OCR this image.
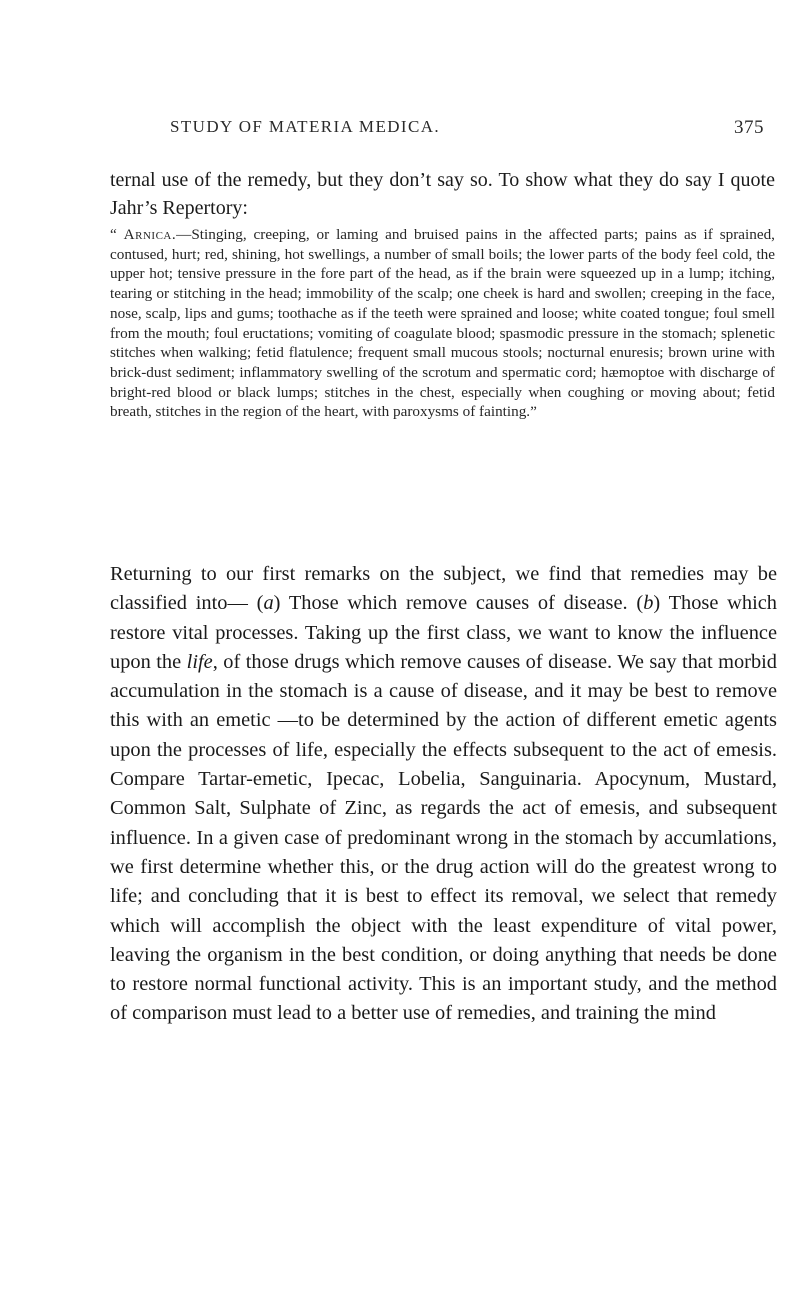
STUDY OF MATERIA MEDICA.	375

ternal use of the remedy, but they don’t say so. To show what they do say I quote Jahr’s Repertory:

“ Arnica.—Stinging, creeping, or laming and bruised pains in the affected parts; pains as if sprained, contused, hurt; red, shining, hot swellings, a number of small boils; the lower parts of the body feel cold, the upper hot; tensive pressure in the fore part of the head, as if the brain were squeezed up in a lump; itching, tearing or stitching in the head; immobility of the scalp; one cheek is hard and swollen; creeping in the face, nose, scalp, lips and gums; toothache as if the teeth were sprained and loose; white coated tongue; foul smell from the mouth; foul eructations; vomiting of coagulate blood; spasmodic pressure in the stomach; splenetic stitches when walking; fetid flatulence; frequent small mucous stools; nocturnal enuresis; brown urine with brick-dust sediment; inflammatory swelling of the scrotum and spermatic cord; hæmoptoe with discharge of bright-red blood or black lumps; stitches in the chest, especially when coughing or moving about; fetid breath, stitches in the region of the heart, with paroxysms of fainting.”

Returning to our first remarks on the subject, we find that remedies may be classified into— (a) Those which remove causes of disease. (b) Those which restore vital processes. Taking up the first class, we want to know the influence upon the life, of those drugs which remove causes of disease. We say that morbid accumulation in the stomach is a cause of disease, and it may be best to remove this with an emetic —to be determined by the action of different emetic agents upon the processes of life, especially the effects subsequent to the act of emesis. Compare Tartar-emetic, Ipecac, Lobelia, Sanguinaria. Apocynum, Mustard, Common Salt, Sulphate of Zinc, as regards the act of emesis, and subsequent influence. In a given case of predominant wrong in the stomach by accumlations, we first determine whether this, or the drug action will do the greatest wrong to life; and concluding that it is best to effect its removal, we select that remedy which will accomplish the object with the least expenditure of vital power, leaving the organism in the best condition, or doing anything that needs be done to restore normal functional activity. This is an important study, and the method of comparison must lead to a better use of remedies, and training the mind
